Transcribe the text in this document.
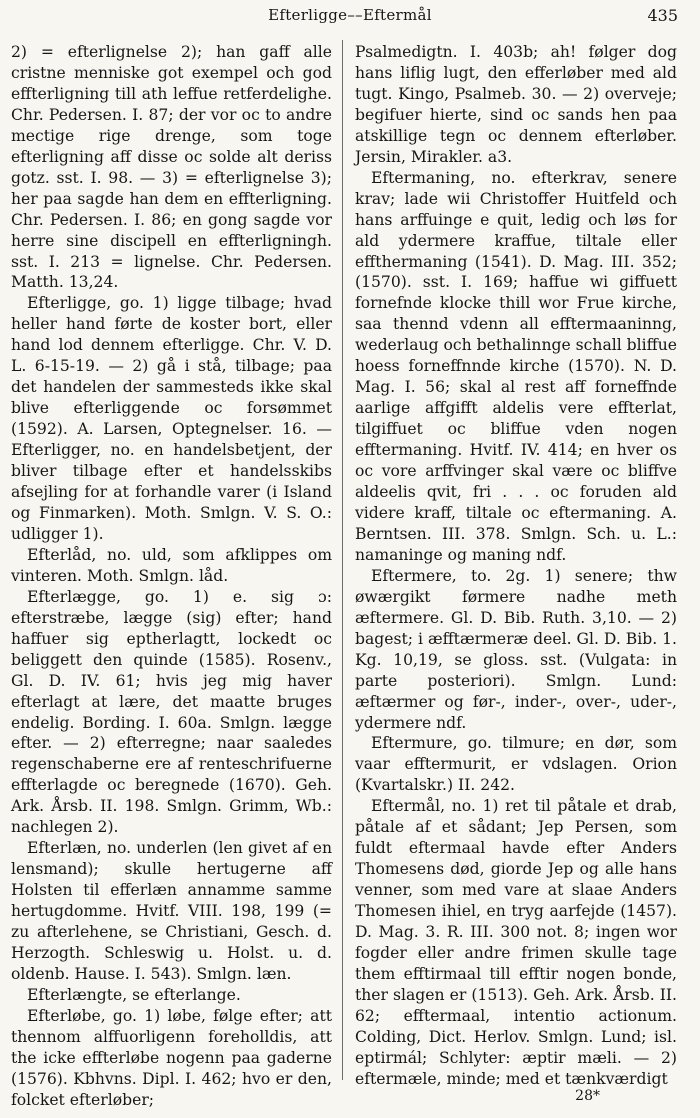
Efterligge––Eftermål	435

2) = efterlignelse 2); han gaff alle cristne menniske got exempel och god effterligning till ath leffue retferdelighe. Chr. Pedersen. I. 87; der vor oc to andre mectige rige drenge, som toge efterligning aff disse oc solde alt deriss gotz. sst. I. 98. — 3) = efterlignelse 3); her paa sagde han dem en effterligning. Chr. Pedersen. I. 86; en gong sagde vor herre sine discipell en effterligningh. sst. I. 213 = lignelse. Chr. Pedersen. Matth. 13,24.

Efterligge, go. 1) ligge tilbage; hvad heller hand førte de koster bort, eller hand lod dennem efterligge. Chr. V. D. L. 6-15-19. — 2) gå i stå, tilbage; paa det handelen der sammesteds ikke skal blive efterliggende oc forsømmet (1592). A. Larsen, Optegnelser. 16. — Efterligger, no. en handelsbetjent, der bliver tilbage efter et handelsskibs afsejling for at forhandle varer (i Island og Finmarken). Moth. Smlgn. V. S. O.: udligger 1).

Efterlåd, no. uld, som afklippes om vinteren. Moth. Smlgn. låd.

Efterlægge, go. 1) e. sig ɔ: efterstræbe, lægge (sig) efter; hand haffuer sig eptherlagtt, lockedt oc beliggett den quinde (1585). Rosenv., Gl. D. IV. 61; hvis jeg mig haver efterlagt at lære, det maatte bruges endelig. Bording. I. 60a. Smlgn. lægge efter. — 2) efterregne; naar saaledes regenschaberne ere af renteschrifuerne effterlagde oc beregnede (1670). Geh. Ark. Årsb. II. 198. Smlgn. Grimm, Wb.: nachlegen 2).

Efterlæn, no. underlen (len givet af en lensmand); skulle hertugerne aff Holsten til efferlæn annamme samme hertugdomme. Hvitf. VIII. 198, 199 (= zu afterlehene, se Christiani, Gesch. d. Herzogth. Schleswig u. Holst. u. d. oldenb. Hause. I. 543). Smlgn. læn.

Efterlængte, se efterlange.

Efterløbe, go. 1) løbe, følge efter; att thennom alffuorligenn foreholldis, att the icke effterløbe nogenn paa gaderne (1576). Kbhvns. Dipl. I. 462; hvo er den, folcket efterløber;

Psalmedigtn. I. 403b; ah! følger dog hans liflig lugt, den efferløber med ald tugt. Kingo, Psalmeb. 30. — 2) overveje; begifuer hierte, sind oc sands hen paa atskillige tegn oc dennem efterløber. Jersin, Mirakler. a3.

Eftermaning, no. efterkrav, senere krav; lade wii Christoffer Huitfeld och hans arffuinge e quit, ledig och løs for ald ydermere kraffue, tiltale eller effthermaning (1541). D. Mag. III. 352; (1570). sst. I. 169; haffue wi giffuett fornefnde klocke thill wor Frue kirche, saa thennd vdenn all efftermaaninng, wederlaug och bethalinnge schall bliffue hoess forneffnnde kirche (1570). N. D. Mag. I. 56; skal al rest aff forneffnde aarlige affgifft aldelis vere effterlat, tilgiffuet oc bliffue vden nogen efftermaning. Hvitf. IV. 414; en hver os oc vore arffvinger skal være oc bliffve aldeelis qvit, fri . . . oc foruden ald videre kraff, tiltale oc eftermaning. A. Berntsen. III. 378. Smlgn. Sch. u. L.: namaninge og maning ndf.

Eftermere, to. 2g. 1) senere; thw øwærgikt førmere nadhe meth æftermere. Gl. D. Bib. Ruth. 3,10. — 2) bagest; i æfftærmeræ deel. Gl. D. Bib. 1. Kg. 10,19, se gloss. sst. (Vulgata: in parte posteriori). Smlgn. Lund: æftærmer og før-, inder-, over-, uder-, ydermere ndf.

Eftermure, go. tilmure; en dør, som vaar efftermurit, er vdslagen. Orion (Kvartalskr.) II. 242.

Eftermål, no. 1) ret til påtale et drab, påtale af et sådant; Jep Persen, som fuldt eftermaal havde efter Anders Thomesens død, giorde Jep og alle hans venner, som med vare at slaae Anders Thomesen ihiel, en tryg aarfejde (1457). D. Mag. 3. R. III. 300 not. 8; ingen wor fogder eller andre frimen skulle tage them efftirmaal till efftir nogen bonde, ther slagen er (1513). Geh. Ark. Årsb. II. 62; efftermaal, intentio actionum. Colding, Dict. Herlov. Smlgn. Lund; isl. eptirmál; Schlyter: æptir mæli. — 2) eftermæle, minde; med et tænkværdigt

28*
